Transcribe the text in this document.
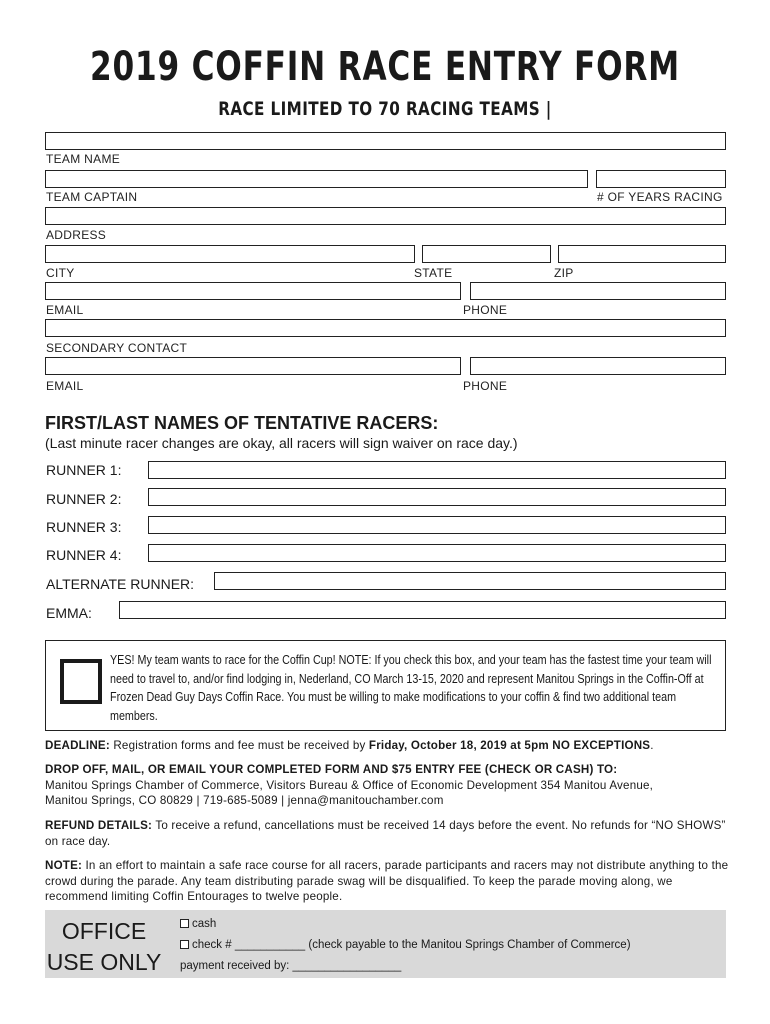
2019 COFFIN RACE ENTRY FORM
RACE LIMITED TO 70 RACING TEAMS |
TEAM NAME
TEAM CAPTAIN	# OF YEARS RACING
ADDRESS
CITY	STATE	ZIP
EMAIL	PHONE
SECONDARY CONTACT
EMAIL	PHONE
FIRST/LAST NAMES OF TENTATIVE RACERS:
(Last minute racer changes are okay, all racers will sign waiver on race day.)
RUNNER 1:
RUNNER 2:
RUNNER 3:
RUNNER 4:
ALTERNATE RUNNER:
EMMA:
YES! My team wants to race for the Coffin Cup! NOTE: If you check this box, and your team has the fastest time your team will need to travel to, and/or find lodging in, Nederland, CO March 13-15, 2020 and represent Manitou Springs in the Coffin-Off at Frozen Dead Guy Days Coffin Race. You must be willing to make modifications to your coffin & find two additional team members.
DEADLINE: Registration forms and fee must be received by Friday, October 18, 2019 at 5pm NO EXCEPTIONS.
DROP OFF, MAIL, OR EMAIL YOUR COMPLETED FORM AND $75 ENTRY FEE (CHECK OR CASH) TO:
Manitou Springs Chamber of Commerce, Visitors Bureau & Office of Economic Development 354 Manitou Avenue,
Manitou Springs, CO 80829 | 719-685-5089 | jenna@manitouchamber.com
REFUND DETAILS: To receive a refund, cancellations must be received 14 days before the event. No refunds for “NO SHOWS” on race day.
NOTE: In an effort to maintain a safe race course for all racers, parade participants and racers may not distribute anything to the crowd during the parade. Any team distributing parade swag will be disqualified. To keep the parade moving along, we recommend limiting Coffin Entourages to twelve people.
OFFICE
USE ONLY
cash
check # ___________ (check payable to the Manitou Springs Chamber of Commerce)
payment received by: _________________
